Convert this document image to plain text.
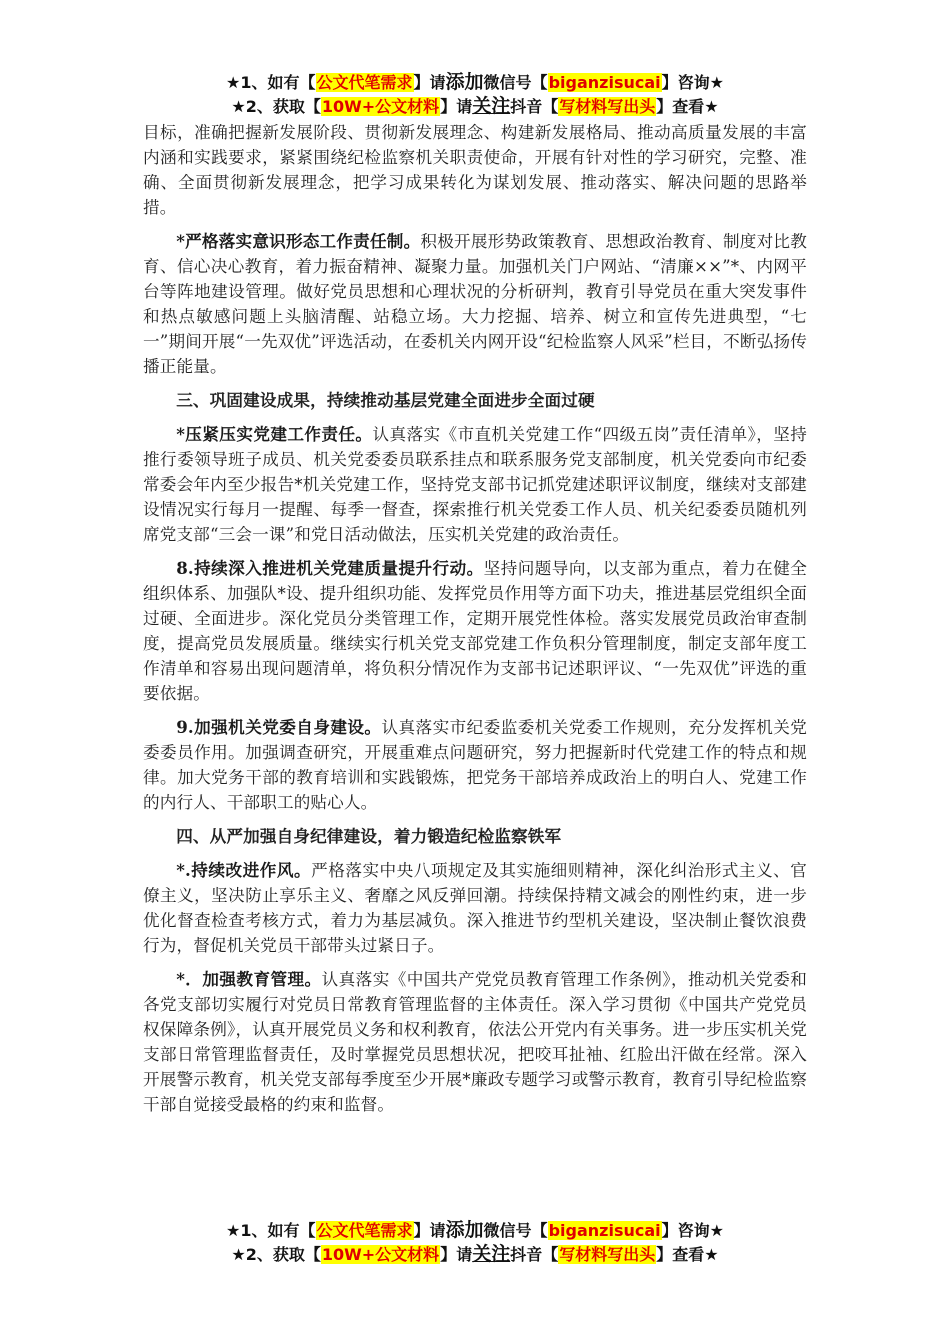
★1、如有【公文代笔需求】请添加微信号【biganzisucai】咨询★
★2、获取【10W+公文材料】请关注抖音【写材料写出头】查看★

目标，准确把握新发展阶段、贯彻新发展理念、构建新发展格局、推动高质量发展的丰富内涵和实践要求，紧紧围绕纪检监察机关职责使命，开展有针对性的学习研究，完整、准确、全面贯彻新发展理念，把学习成果转化为谋划发展、推动落实、解决问题的思路举措。

*严格落实意识形态工作责任制。积极开展形势政策教育、思想政治教育、制度对比教育、信心决心教育，着力振奋精神、凝聚力量。加强机关门户网站、“清廉××”*、内网平台等阵地建设管理。做好党员思想和心理状况的分析研判，教育引导党员在重大突发事件和热点敏感问题上头脑清醒、站稳立场。大力挖掘、培养、树立和宣传先进典型，“七一”期间开展“一先双优”评选活动，在委机关内网开设“纪检监察人风采”栏目，不断弘扬传播正能量。

三、巩固建设成果，持续推动基层党建全面进步全面过硬

*压紧压实党建工作责任。认真落实《市直机关党建工作“四级五岗”责任清单》，坚持推行委领导班子成员、机关党委委员联系挂点和联系服务党支部制度，机关党委向市纪委常委会年内至少报告*机关党建工作，坚持党支部书记抓党建述职评议制度，继续对支部建设情况实行每月一提醒、每季一督查，探索推行机关党委工作人员、机关纪委委员随机列席党支部“三会一课”和党日活动做法，压实机关党建的政治责任。

8.持续深入推进机关党建质量提升行动。坚持问题导向，以支部为重点，着力在健全组织体系、加强队*设、提升组织功能、发挥党员作用等方面下功夫，推进基层党组织全面过硬、全面进步。深化党员分类管理工作，定期开展党性体检。落实发展党员政治审查制度，提高党员发展质量。继续实行机关党支部党建工作负积分管理制度，制定支部年度工作清单和容易出现问题清单，将负积分情况作为支部书记述职评议、“一先双优”评选的重要依据。

9.加强机关党委自身建设。认真落实市纪委监委机关党委工作规则，充分发挥机关党委委员作用。加强调查研究，开展重难点问题研究，努力把握新时代党建工作的特点和规律。加大党务干部的教育培训和实践锻炼，把党务干部培养成政治上的明白人、党建工作的内行人、干部职工的贴心人。

四、从严加强自身纪律建设，着力锻造纪检监察铁军

*.持续改进作风。严格落实中央八项规定及其实施细则精神，深化纠治形式主义、官僚主义，坚决防止享乐主义、奢靡之风反弹回潮。持续保持精文减会的刚性约束，进一步优化督查检查考核方式，着力为基层减负。深入推进节约型机关建设，坚决制止餐饮浪费行为，督促机关党员干部带头过紧日子。

*．加强教育管理。认真落实《中国共产党党员教育管理工作条例》，推动机关党委和各党支部切实履行对党员日常教育管理监督的主体责任。深入学习贯彻《中国共产党党员权保障条例》，认真开展党员义务和权利教育，依法公开党内有关事务。进一步压实机关党支部日常管理监督责任，及时掌握党员思想状况，把咬耳扯袖、红脸出汗做在经常。深入开展警示教育，机关党支部每季度至少开展*廉政专题学习或警示教育，教育引导纪检监察干部自觉接受最格的约束和监督。

★1、如有【公文代笔需求】请添加微信号【biganzisucai】咨询★
★2、获取【10W+公文材料】请关注抖音【写材料写出头】查看★
